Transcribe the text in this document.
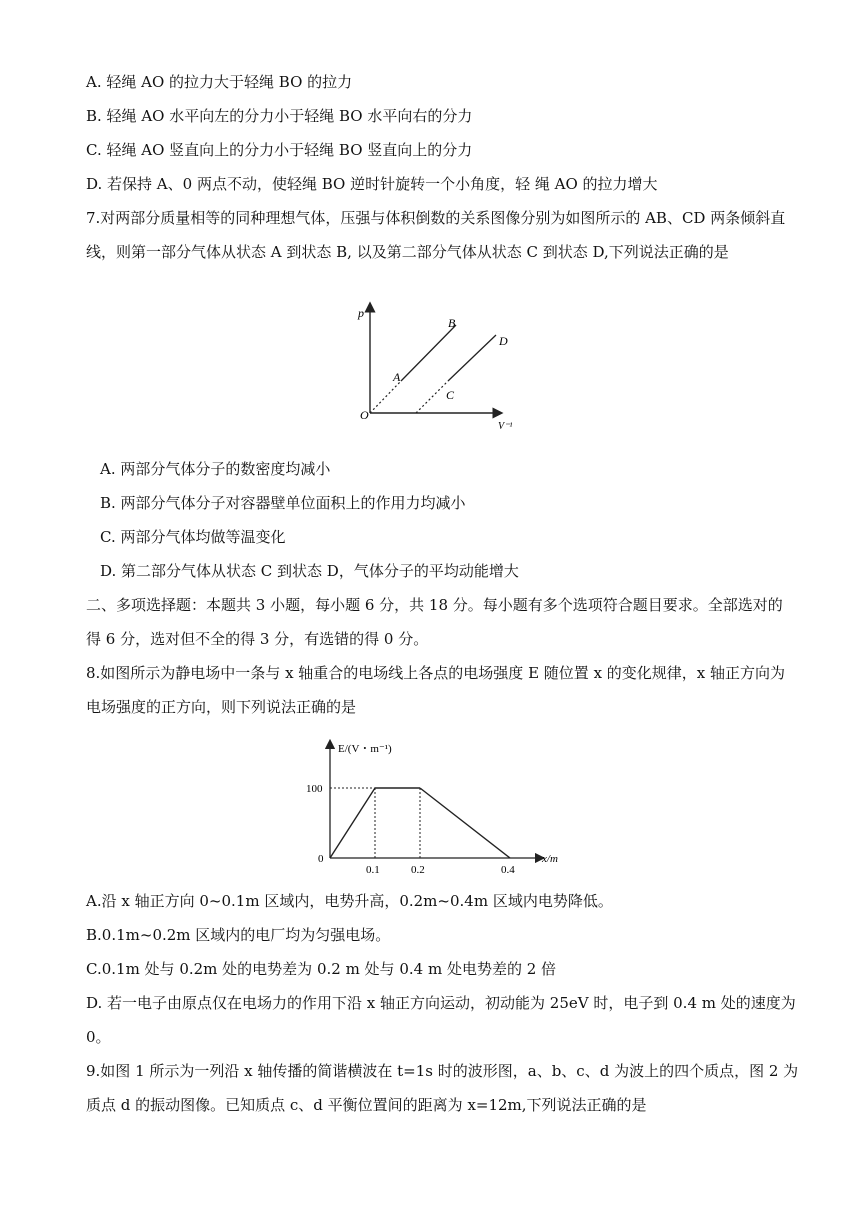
A. 轻绳 AO 的拉力大于轻绳 BO 的拉力
B. 轻绳 AO 水平向左的分力小于轻绳 BO 水平向右的分力
C. 轻绳 AO 竖直向上的分力小于轻绳 BO 竖直向上的分力
D. 若保持 A、0 两点不动，使轻绳 BO 逆时针旋转一个小角度，轻 绳 AO 的拉力增大
7.对两部分质量相等的同种理想气体，压强与体积倒数的关系图像分别为如图所示的 AB、CD 两条倾斜直
线，则第一部分气体从状态 A 到状态 B, 以及第二部分气体从状态 C 到状态 D,下列说法正确的是
p
V⁻¹
O
A
B
C
D
A. 两部分气体分子的数密度均减小
B. 两部分气体分子对容器壁单位面积上的作用力均减小
C. 两部分气体均做等温变化
D. 第二部分气体从状态 C 到状态 D，气体分子的平均动能增大
二、多项选择题：本题共 3 小题，每小题 6 分，共 18 分。每小题有多个选项符合题目要求。全部选对的
得 6 分，选对但不全的得 3 分，有选错的得 0 分。
8.如图所示为静电场中一条与 x 轴重合的电场线上各点的电场强度 E 随位置 x 的变化规律，x 轴正方向为
电场强度的正方向，则下列说法正确的是
E/(V・m⁻¹)
x/m
0
0.1	0.2	0.4
100
A.沿 x 轴正方向 0~0.1m 区域内，电势升高，0.2m~0.4m 区域内电势降低。
B.0.1m~0.2m 区域内的电厂均为匀强电场。
C.0.1m 处与 0.2m 处的电势差为 0.2 m 处与 0.4 m 处电势差的 2 倍
D. 若一电子由原点仅在电场力的作用下沿 x 轴正方向运动，初动能为 25eV 时，电子到 0.4 m 处的速度为
0。
9.如图 1 所示为一列沿 x 轴传播的简谐横波在 t=1s 时的波形图，a、b、c、d 为波上的四个质点，图 2 为
质点 d 的振动图像。已知质点 c、d 平衡位置间的距离为 x=12m,下列说法正确的是
